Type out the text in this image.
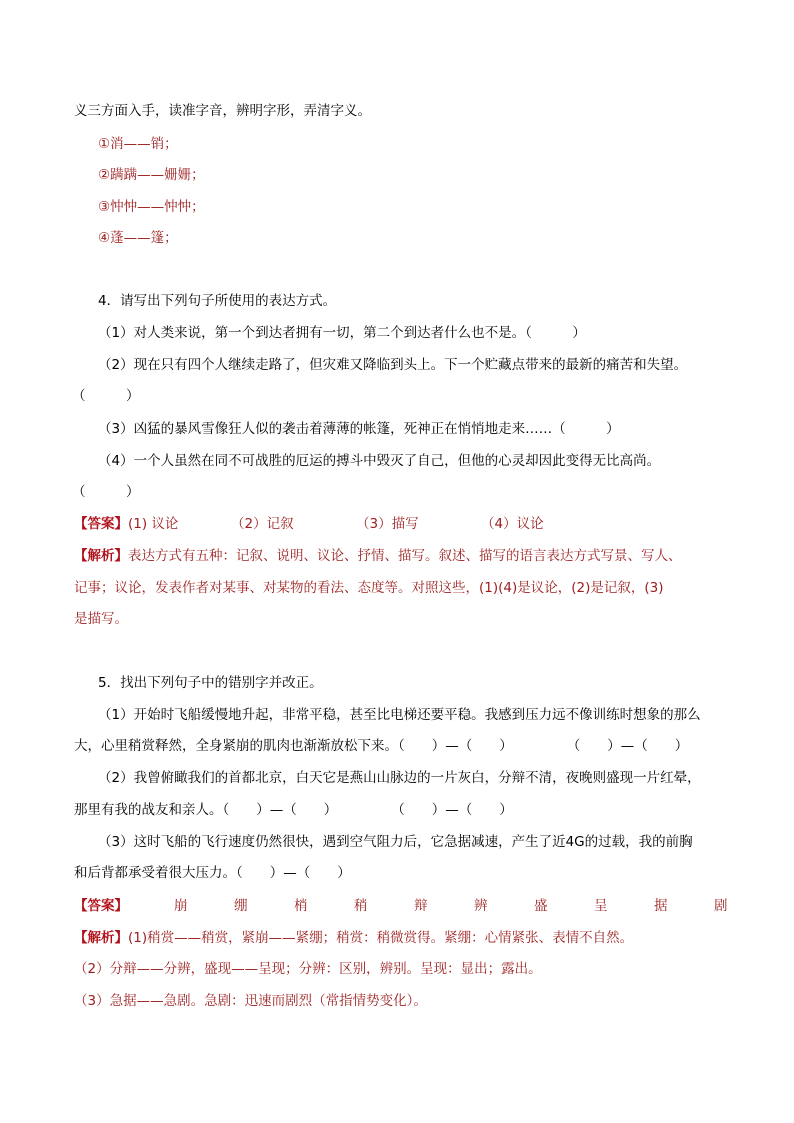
义三方面入手，读准字音，辨明字形，弄清字义。
①消——销；
②蹒蹒——姗姗；
③忡忡——忡忡；
④蓬——篷；
4．请写出下列句子所使用的表达方式。
（1）对人类来说，第一个到达者拥有一切，第二个到达者什么也不是。（　　　）
（2）现在只有四个人继续走路了，但灾难又降临到头上。下一个贮藏点带来的最新的痛苦和失望。
（　　　）
（3）凶猛的暴风雪像狂人似的袭击着薄薄的帐篷，死神正在悄悄地走来……（　　　）
（4）一个人虽然在同不可战胜的厄运的搏斗中毁灭了自己，但他的心灵却因此变得无比高尚。
（　　　）
【答案】(1) 议论	（2）记叙	（3）描写	（4）议论
【解析】表达方式有五种：记叙、说明、议论、抒情、描写。叙述、描写的语言表达方式写景、写人、
记事；议论，发表作者对某事、对某物的看法、态度等。对照这些，(1)(4)是议论，(2)是记叙，(3)
是描写。
5．找出下列句子中的错别字并改正。
（1）开始时飞船缓慢地升起，非常平稳，甚至比电梯还要平稳。我感到压力远不像训练时想象的那么
大，心里稍赏释然，全身紧崩的肌肉也渐渐放松下来。（　　）—（　　）　　　　　（　　）—（　　）
（2）我曾俯瞰我们的首都北京，白天它是燕山山脉边的一片灰白，分辩不清，夜晚则盛现一片红晕，
那里有我的战友和亲人。（　　）—（　　）　　　　　（　　）—（　　）
（3）这时飞船的飞行速度仍然很快，遇到空气阻力后，它急据减速，产生了近4G的过载，我的前胸
和后背都承受着很大压力。（　　）—（　　）
【答案】	崩	绷	梢	稍	辩	辨	盛	呈	据	剧
【解析】(1)稍赏——稍赏，紧崩——紧绷；稍赏：稍微赏得。紧绷：心情紧张、表情不自然。
（2）分辩——分辨，盛现——呈现；分辨：区别，辨别。呈现：显出；露出。
（3）急据——急剧。急剧：迅速而剧烈（常指情势变化）。
